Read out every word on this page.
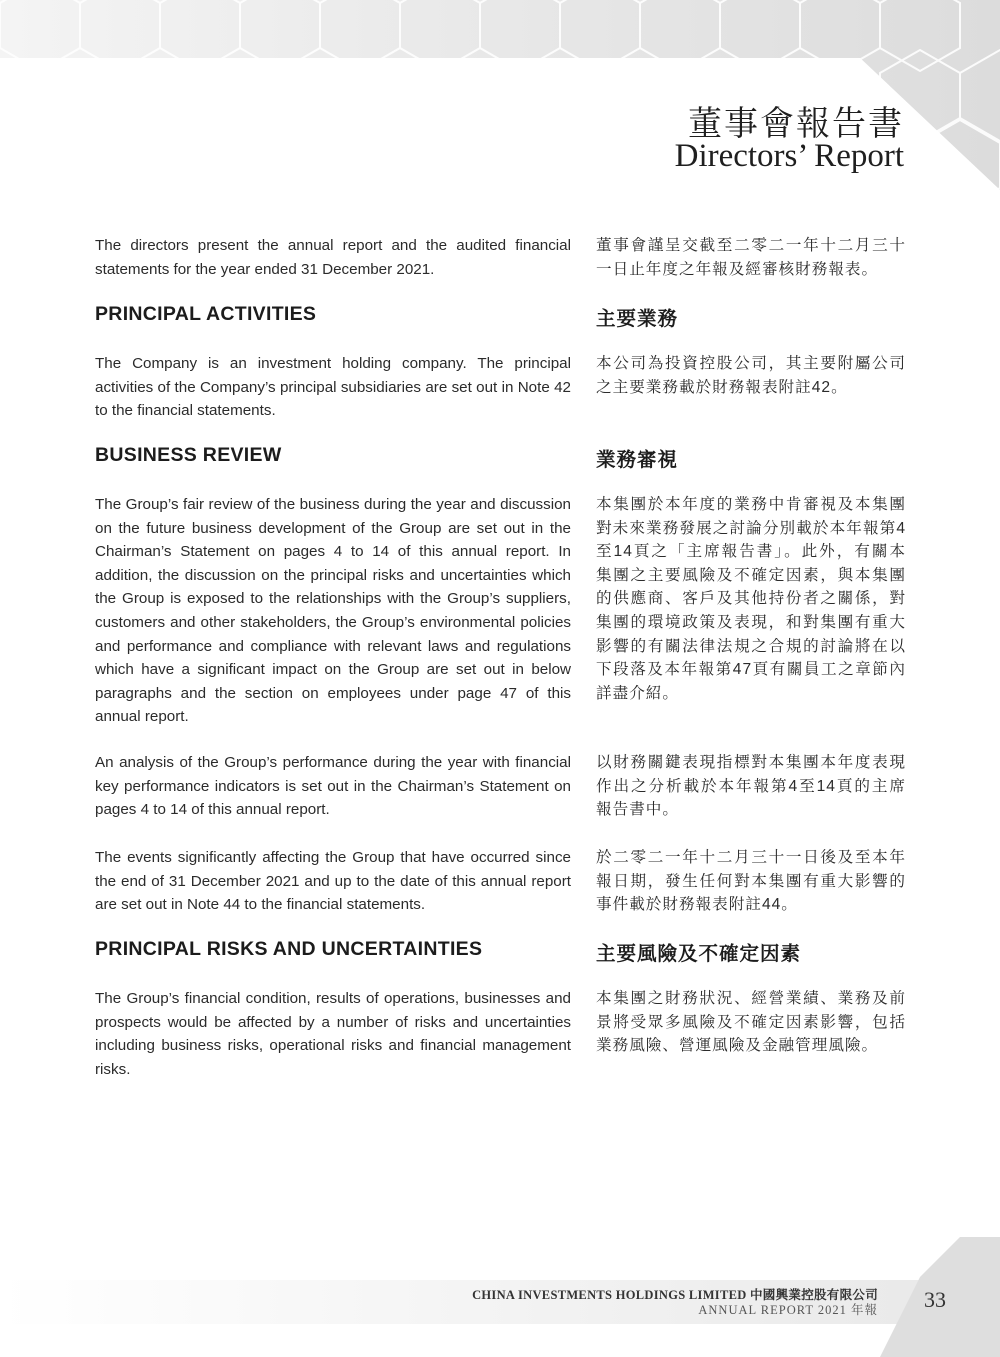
董事會報告書
Directors’ Report

The directors present the annual report and the audited financial statements for the year ended 31 December 2021.

董事會謹呈交截至二零二一年十二月三十一日止年度之年報及經審核財務報表。

PRINCIPAL ACTIVITIES	主要業務

The Company is an investment holding company. The principal activities of the Company’s principal subsidiaries are set out in Note 42 to the financial statements.

本公司為投資控股公司，其主要附屬公司之主要業務載於財務報表附註42。

BUSINESS REVIEW	業務審視

The Group’s fair review of the business during the year and discussion on the future business development of the Group are set out in the Chairman’s Statement on pages 4 to 14 of this annual report. In addition, the discussion on the principal risks and uncertainties which the Group is exposed to the relationships with the Group’s suppliers, customers and other stakeholders, the Group’s environmental policies and performance and compliance with relevant laws and regulations which have a significant impact on the Group are set out in below paragraphs and the section on employees under page 47 of this annual report.

本集團於本年度的業務中肯審視及本集團對未來業務發展之討論分別載於本年報第4至14頁之「主席報告書」。此外，有關本集團之主要風險及不確定因素，與本集團的供應商、客戶及其他持份者之關係，對集團的環境政策及表現，和對集團有重大影響的有關法律法規之合規的討論將在以下段落及本年報第47頁有關員工之章節內詳盡介紹。

An analysis of the Group’s performance during the year with financial key performance indicators is set out in the Chairman’s Statement on pages 4 to 14 of this annual report.

以財務關鍵表現指標對本集團本年度表現作出之分析載於本年報第4至14頁的主席報告書中。

The events significantly affecting the Group that have occurred since the end of 31 December 2021 and up to the date of this annual report are set out in Note 44 to the financial statements.

於二零二一年十二月三十一日後及至本年報日期，發生任何對本集團有重大影響的事件載於財務報表附註44。

PRINCIPAL RISKS AND UNCERTAINTIES	主要風險及不確定因素

The Group’s financial condition, results of operations, businesses and prospects would be affected by a number of risks and uncertainties including business risks, operational risks and financial management risks.

本集團之財務狀況、經營業績、業務及前景將受眾多風險及不確定因素影響，包括業務風險、營運風險及金融管理風險。

CHINA INVESTMENTS HOLDINGS LIMITED 中國興業控股有限公司
ANNUAL REPORT 2021 年報 33
